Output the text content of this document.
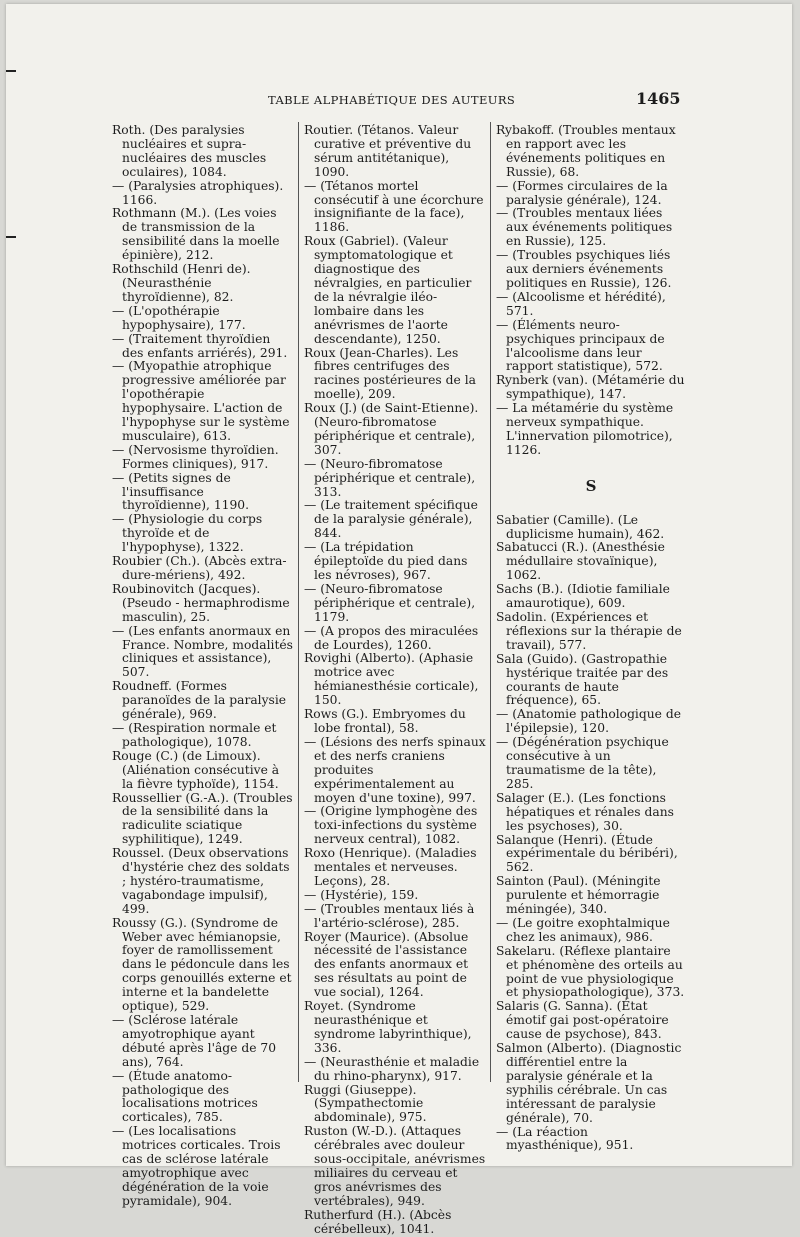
TABLE ALPHABÉTIQUE DES AUTEURS	1465

Roth. (Des paralysies nucléaires et supra-nucléaires des muscles oculaires), 1084.

— (Paralysies atrophiques). 1166.

Rothmann (M.). (Les voies de transmission de la sensibilité dans la moelle épinière), 212.

Rothschild (Henri de). (Neurasthénie thyroïdienne), 82.

— (L'opothérapie hypophysaire), 177.

— (Traitement thyroïdien des enfants arriérés), 291.

— (Myopathie atrophique progressive améliorée par l'opothérapie hypophysaire. L'action de l'hypophyse sur le système musculaire), 613.

— (Nervosisme thyroïdien. Formes cliniques), 917.

— (Petits signes de l'insuffisance thyroïdienne), 1190.

— (Physiologie du corps thyroïde et de l'hypophyse), 1322.

Roubier (Ch.). (Abcès extra-dure-mériens), 492.

Roubinovitch (Jacques). (Pseudo - hermaphrodisme masculin), 25.

— (Les enfants anormaux en France. Nombre, modalités cliniques et assistance), 507.

Roudneff. (Formes paranoïdes de la paralysie générale), 969.

— (Respiration normale et pathologique), 1078.

Rouge (C.) (de Limoux). (Aliénation consécutive à la fièvre typhoïde), 1154.

Roussellier (G.-A.). (Troubles de la sensibilité dans la radiculite sciatique syphilitique), 1249.

Roussel. (Deux observations d'hystérie chez des soldats ; hystéro-traumatisme, vagabondage impulsif), 499.

Roussy (G.). (Syndrome de Weber avec hémianopsie, foyer de ramollissement dans le pédoncule dans les corps genouillés externe et interne et la bandelette optique), 529.

— (Sclérose latérale amyotrophique ayant débuté après l'âge de 70 ans), 764.

— (Étude anatomo-pathologique des localisations motrices corticales), 785.

— (Les localisations motrices corticales. Trois cas de sclérose latérale amyotrophique avec dégénération de la voie pyramidale), 904.

Routier. (Tétanos. Valeur curative et préventive du sérum antitétanique), 1090.

— (Tétanos mortel consécutif à une écorchure insignifiante de la face), 1186.

Roux (Gabriel). (Valeur symptomatologique et diagnostique des névralgies, en particulier de la névralgie iléo-lombaire dans les anévrismes de l'aorte descendante), 1250.

Roux (Jean-Charles). Les fibres centrifuges des racines postérieures de la moelle), 209.

Roux (J.) (de Saint-Etienne). (Neuro-fibromatose périphérique et centrale), 307.

— (Neuro-fibromatose périphérique et centrale), 313.

— (Le traitement spécifique de la paralysie générale), 844.

— (La trépidation épileptoïde du pied dans les névroses), 967.

— (Neuro-fibromatose périphérique et centrale), 1179.

— (A propos des miraculées de Lourdes), 1260.

Rovighi (Alberto). (Aphasie motrice avec hémianesthésie corticale), 150.

Rows (G.). Embryomes du lobe frontal), 58.

— (Lésions des nerfs spinaux et des nerfs craniens produites expérimentalement au moyen d'une toxine), 997.

— (Origine lymphogène des toxi-infections du système nerveux central), 1082.

Roxo (Henrique). (Maladies mentales et nerveuses. Leçons), 28.

— (Hystérie), 159.

— (Troubles mentaux liés à l'artério-sclérose), 285.

Royer (Maurice). (Absolue nécessité de l'assistance des enfants anormaux et ses résultats au point de vue social), 1264.

Royet. (Syndrome neurasthénique et syndrome labyrinthique), 336.

— (Neurasthénie et maladie du rhino-pharynx), 917.

Ruggi (Giuseppe). (Sympathectomie abdominale), 975.

Ruston (W.-D.). (Attaques cérébrales avec douleur sous-occipitale, anévrismes miliaires du cerveau et gros anévrismes des vertébrales), 949.

Rutherfurd (H.). (Abcès cérébelleux), 1041.

Rybakoff. (Troubles mentaux en rapport avec les événements politiques en Russie), 68.

— (Formes circulaires de la paralysie générale), 124.

— (Troubles mentaux liées aux événements politiques en Russie), 125.

— (Troubles psychiques liés aux derniers événements politiques en Russie), 126.

— (Alcoolisme et hérédité), 571.

— (Éléments neuro-psychiques principaux de l'alcoolisme dans leur rapport statistique), 572.

Rynberk (van). (Métamérie du sympathique), 147.

— La métamérie du système nerveux sympathique. L'innervation pilomotrice), 1126.

S

Sabatier (Camille). (Le duplicisme humain), 462.

Sabatucci (R.). (Anesthésie médullaire stovaïnique), 1062.

Sachs (B.). (Idiotie familiale amaurotique), 609.

Sadolin. (Expériences et réflexions sur la thérapie de travail), 577.

Sala (Guido). (Gastropathie hystérique traitée par des courants de haute fréquence), 65.

— (Anatomie pathologique de l'épilepsie), 120.

— (Dégénération psychique consécutive à un traumatisme de la tête), 285.

Salager (E.). (Les fonctions hépatiques et rénales dans les psychoses), 30.

Salanque (Henri). (Étude expérimentale du béribéri), 562.

Sainton (Paul). (Méningite purulente et hémorragie méningée), 340.

— (Le goitre exophtalmique chez les animaux), 986.

Sakelaru. (Réflexe plantaire et phénomène des orteils au point de vue physiologique et physiopathologique), 373.

Salaris (G. Sanna). (État émotif gai post-opératoire cause de psychose), 843.

Salmon (Alberto). (Diagnostic différentiel entre la paralysie générale et la syphilis cérébrale. Un cas intéressant de paralysie générale), 70.

— (La réaction myasthénique), 951.
